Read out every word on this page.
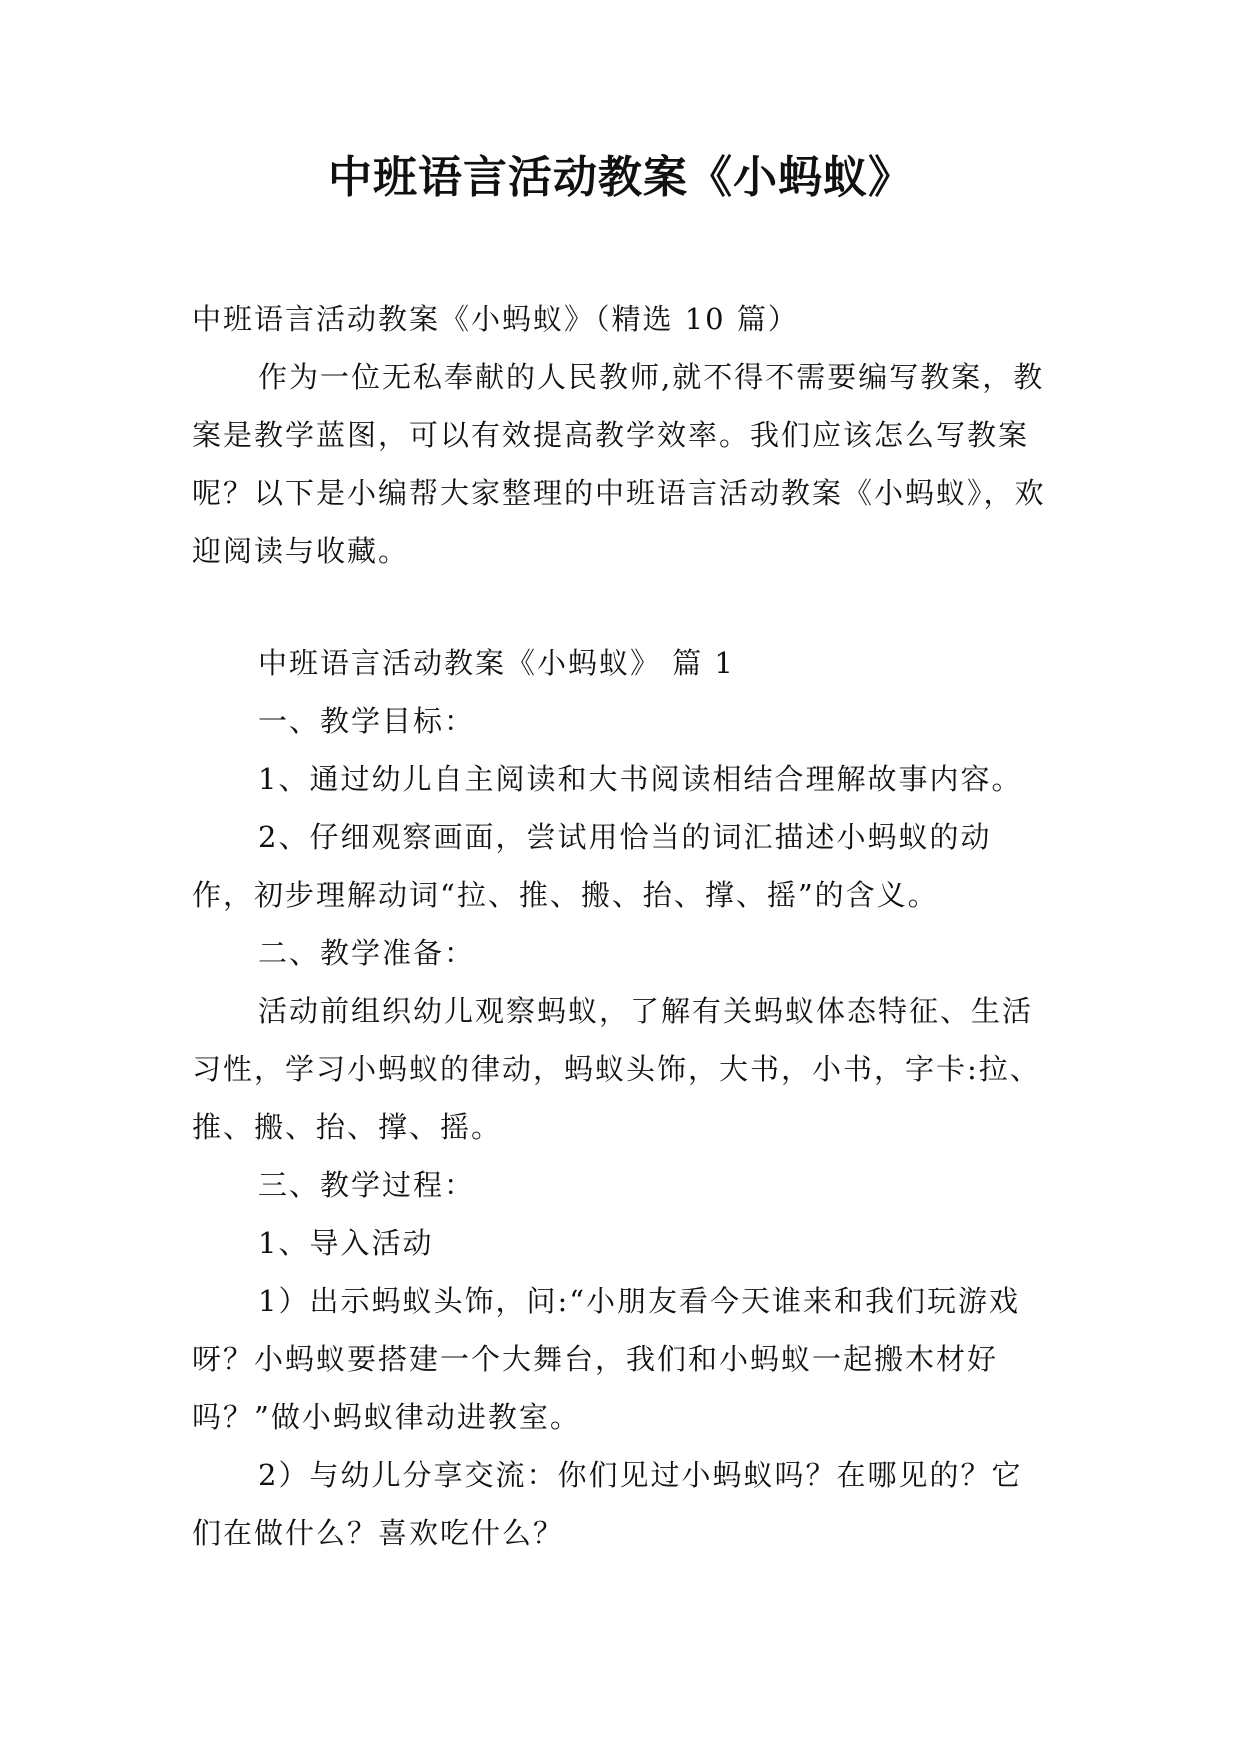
中班语言活动教案《小蚂蚁》

中班语言活动教案《小蚂蚁》（精选 10 篇）

作为一位无私奉献的人民教师,就不得不需要编写教案，教案是教学蓝图，可以有效提高教学效率。我们应该怎么写教案呢？以下是小编帮大家整理的中班语言活动教案《小蚂蚁》，欢迎阅读与收藏。

中班语言活动教案《小蚂蚁》 篇 1

一、教学目标：

1、通过幼儿自主阅读和大书阅读相结合理解故事内容。

2、仔细观察画面，尝试用恰当的词汇描述小蚂蚁的动作，初步理解动词“拉、推、搬、抬、撑、摇”的含义。

二、教学准备：

活动前组织幼儿观察蚂蚁，了解有关蚂蚁体态特征、生活习性，学习小蚂蚁的律动，蚂蚁头饰，大书，小书，字卡:拉、推、搬、抬、撑、摇。

三、教学过程：

1、导入活动

1）出示蚂蚁头饰，问:“小朋友看今天谁来和我们玩游戏呀？小蚂蚁要搭建一个大舞台，我们和小蚂蚁一起搬木材好吗？”做小蚂蚁律动进教室。

2）与幼儿分享交流：你们见过小蚂蚁吗？在哪见的？它们在做什么？喜欢吃什么？
